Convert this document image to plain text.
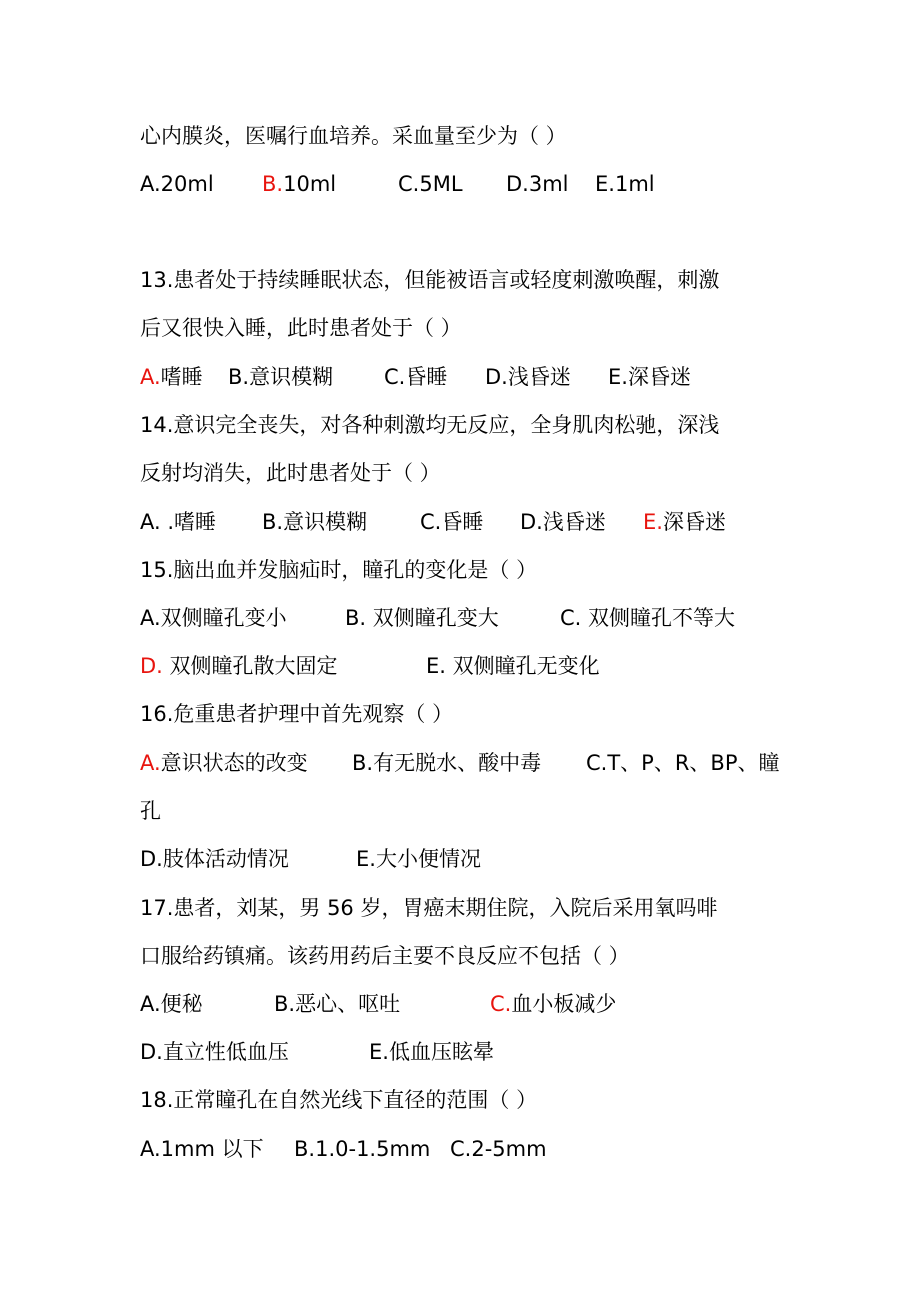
心内膜炎，医嘱行血培养。采血量至少为（ ）
A.20ml B.10ml	C.5ML D.3ml E.1ml
13.患者处于持续睡眠状态，但能被语言或轻度刺激唤醒，刺激
后又很快入睡，此时患者处于（ ）
A.嗜睡 B.意识模糊 C.昏睡 D.浅昏迷 E.深昏迷
14.意识完全丧失，对各种刺激均无反应，全身肌肉松驰，深浅
反射均消失，此时患者处于（ ）
A. .嗜睡 B.意识模糊	C.昏睡 D.浅昏迷 E.深昏迷
15.脑出血并发脑疝时，瞳孔的变化是（ ）
A.双侧瞳孔变小	B. 双侧瞳孔变大	C. 双侧瞳孔不等大
D. 双侧瞳孔散大固定	E. 双侧瞳孔无变化
16.危重患者护理中首先观察（ ）
A.意识状态的改变 B.有无脱水、酸中毒 C.T、P、R、BP、瞳
孔
D.肢体活动情况	E.大小便情况
17.患者，刘某，男 56 岁，胃癌末期住院，入院后采用氧吗啡
口服给药镇痛。该药用药后主要不良反应不包括（ ）
A.便秘	B.恶心、呕吐	C.血小板减少
D.直立性低血压	E.低血压眩晕
18.正常瞳孔在自然光线下直径的范围（ ）
A.1mm 以下 B.1.0-1.5mm C.2-5mm
